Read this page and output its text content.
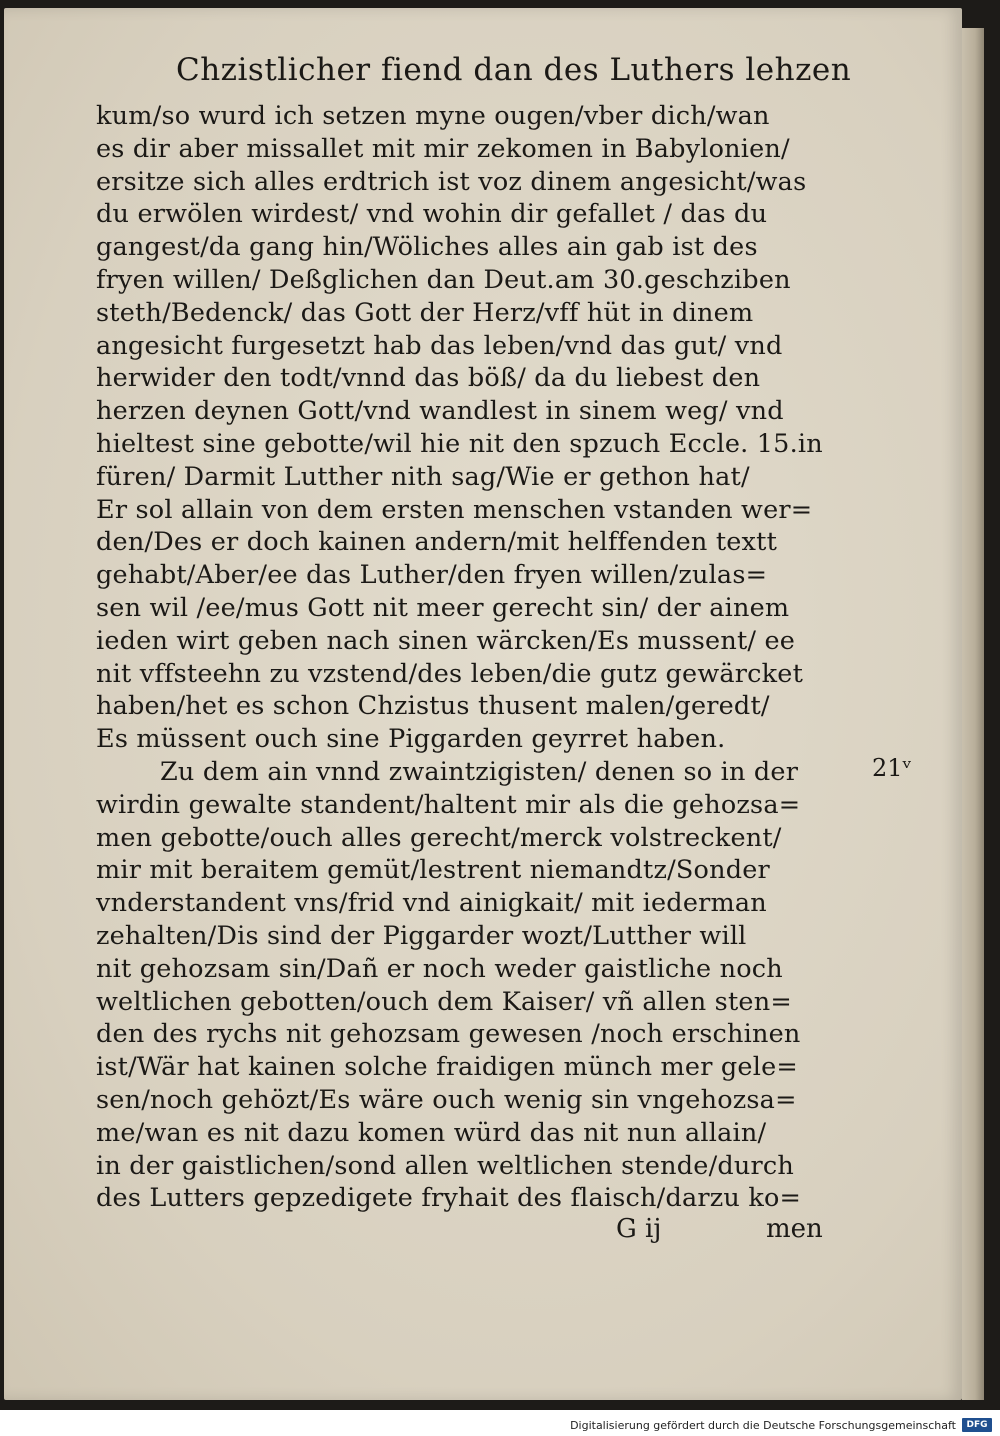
Chzistlicher fiend dan des Luthers lehzen
kum/so wurd ich setzen myne ougen/vber dich/wan
es dir aber missallet mit mir zekomen in Babylonien/
ersitze sich alles erdtrich ist voz dinem angesicht/was
du erwölen wirdest/ vnd wohin dir gefallet / das du
gangest/da gang hin/Wöliches alles ain gab ist des
fryen willen/ Deßglichen dan Deut.am 30.geschziben
steth/Bedenck/ das Gott der Herz/vff hüt in dinem
angesicht furgesetzt hab das leben/vnd das gut/ vnd
herwider den todt/vnnd das böß/ da du liebest den
herzen deynen Gott/vnd wandlest in sinem weg/ vnd
hieltest sine gebotte/wil hie nit den spzuch Eccle. 15.in
füren/ Darmit Lutther nith sag/Wie er gethon hat/
Er sol allain von dem ersten menschen vstanden wer=
den/Des er doch kainen andern/mit helffenden textt
gehabt/Aber/ee das Luther/den fryen willen/zulas=
sen wil /ee/mus Gott nit meer gerecht sin/ der ainem
ieden wirt geben nach sinen wärcken/Es mussent/ ee
nit vffsteehn zu vzstend/des leben/die gutz gewärcket
haben/het es schon Chzistus thusent malen/geredt/
Es müssent ouch sine Piggarden geyrret haben.
Zu dem ain vnnd zwaintzigisten/ denen so in der
wirdin gewalte standent/haltent mir als die gehozsa=
men gebotte/ouch alles gerecht/merck volstreckent/
mir mit beraitem gemüt/lestrent niemandtz/Sonder
vnderstandent vns/frid vnd ainigkait/ mit iederman
zehalten/Dis sind der Piggarder wozt/Lutther will
nit gehozsam sin/Dañ er noch weder gaistliche noch
weltlichen gebotten/ouch dem Kaiser/ vñ allen sten=
den des rychs nit gehozsam gewesen /noch erschinen
ist/Wär hat kainen solche fraidigen münch mer gele=
sen/noch gehözt/Es wäre ouch wenig sin vngehozsa=
me/wan es nit dazu komen würd das nit nun allain/
in der gaistlichen/sond allen weltlichen stende/durch
des Lutters gepzedigete fryhait des flaisch/darzu ko=
21ᵛ
G ij	men
Digitalisierung gefördert durch die Deutsche Forschungsgemeinschaft	DFG
